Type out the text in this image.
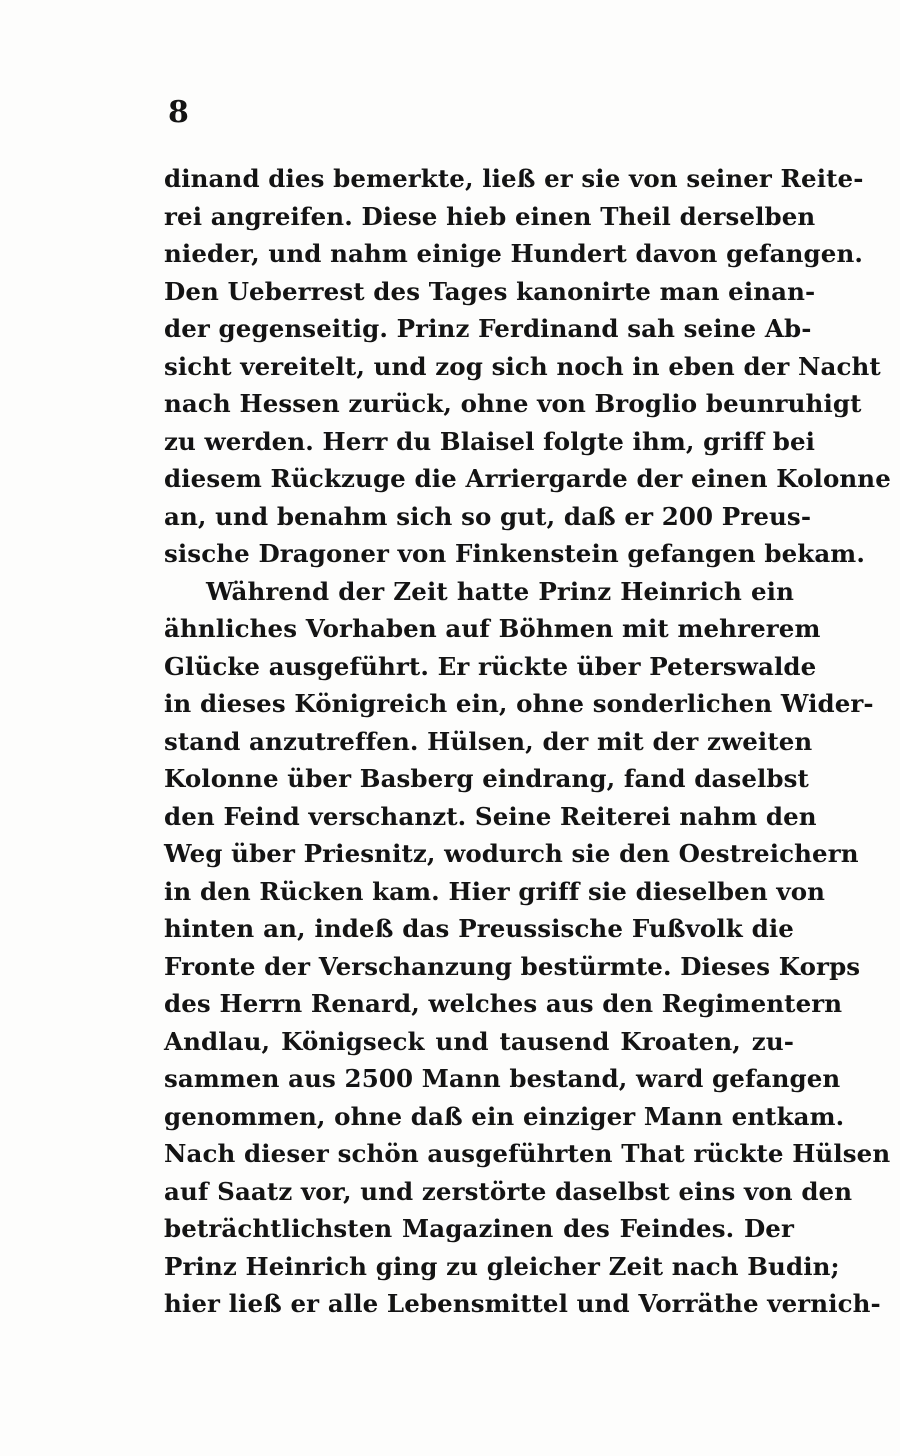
8
dinand dies bemerkte, ließ er sie von seiner Reite-
rei angreifen. Diese hieb einen Theil derselben
nieder, und nahm einige Hundert davon gefangen.
Den Ueberrest des Tages kanonirte man einan-
der gegenseitig. Prinz Ferdinand sah seine Ab-
sicht vereitelt, und zog sich noch in eben der Nacht
nach Hessen zurück, ohne von Broglio beunruhigt
zu werden. Herr du Blaisel folgte ihm, griff bei
diesem Rückzuge die Arriergarde der einen Kolonne
an, und benahm sich so gut, daß er 200 Preus-
sische Dragoner von Finkenstein gefangen bekam.
Während der Zeit hatte Prinz Heinrich ein
ähnliches Vorhaben auf Böhmen mit mehrerem
Glücke ausgeführt. Er rückte über Peterswalde
in dieses Königreich ein, ohne sonderlichen Wider-
stand anzutreffen. Hülsen, der mit der zweiten
Kolonne über Basberg eindrang, fand daselbst
den Feind verschanzt. Seine Reiterei nahm den
Weg über Priesnitz, wodurch sie den Oestreichern
in den Rücken kam. Hier griff sie dieselben von
hinten an, indeß das Preussische Fußvolk die
Fronte der Verschanzung bestürmte. Dieses Korps
des Herrn Renard, welches aus den Regimentern
Andlau, Königseck und tausend Kroaten, zu-
sammen aus 2500 Mann bestand, ward gefangen
genommen, ohne daß ein einziger Mann entkam.
Nach dieser schön ausgeführten That rückte Hülsen
auf Saatz vor, und zerstörte daselbst eins von den
beträchtlichsten Magazinen des Feindes. Der
Prinz Heinrich ging zu gleicher Zeit nach Budin;
hier ließ er alle Lebensmittel und Vorräthe vernich-
